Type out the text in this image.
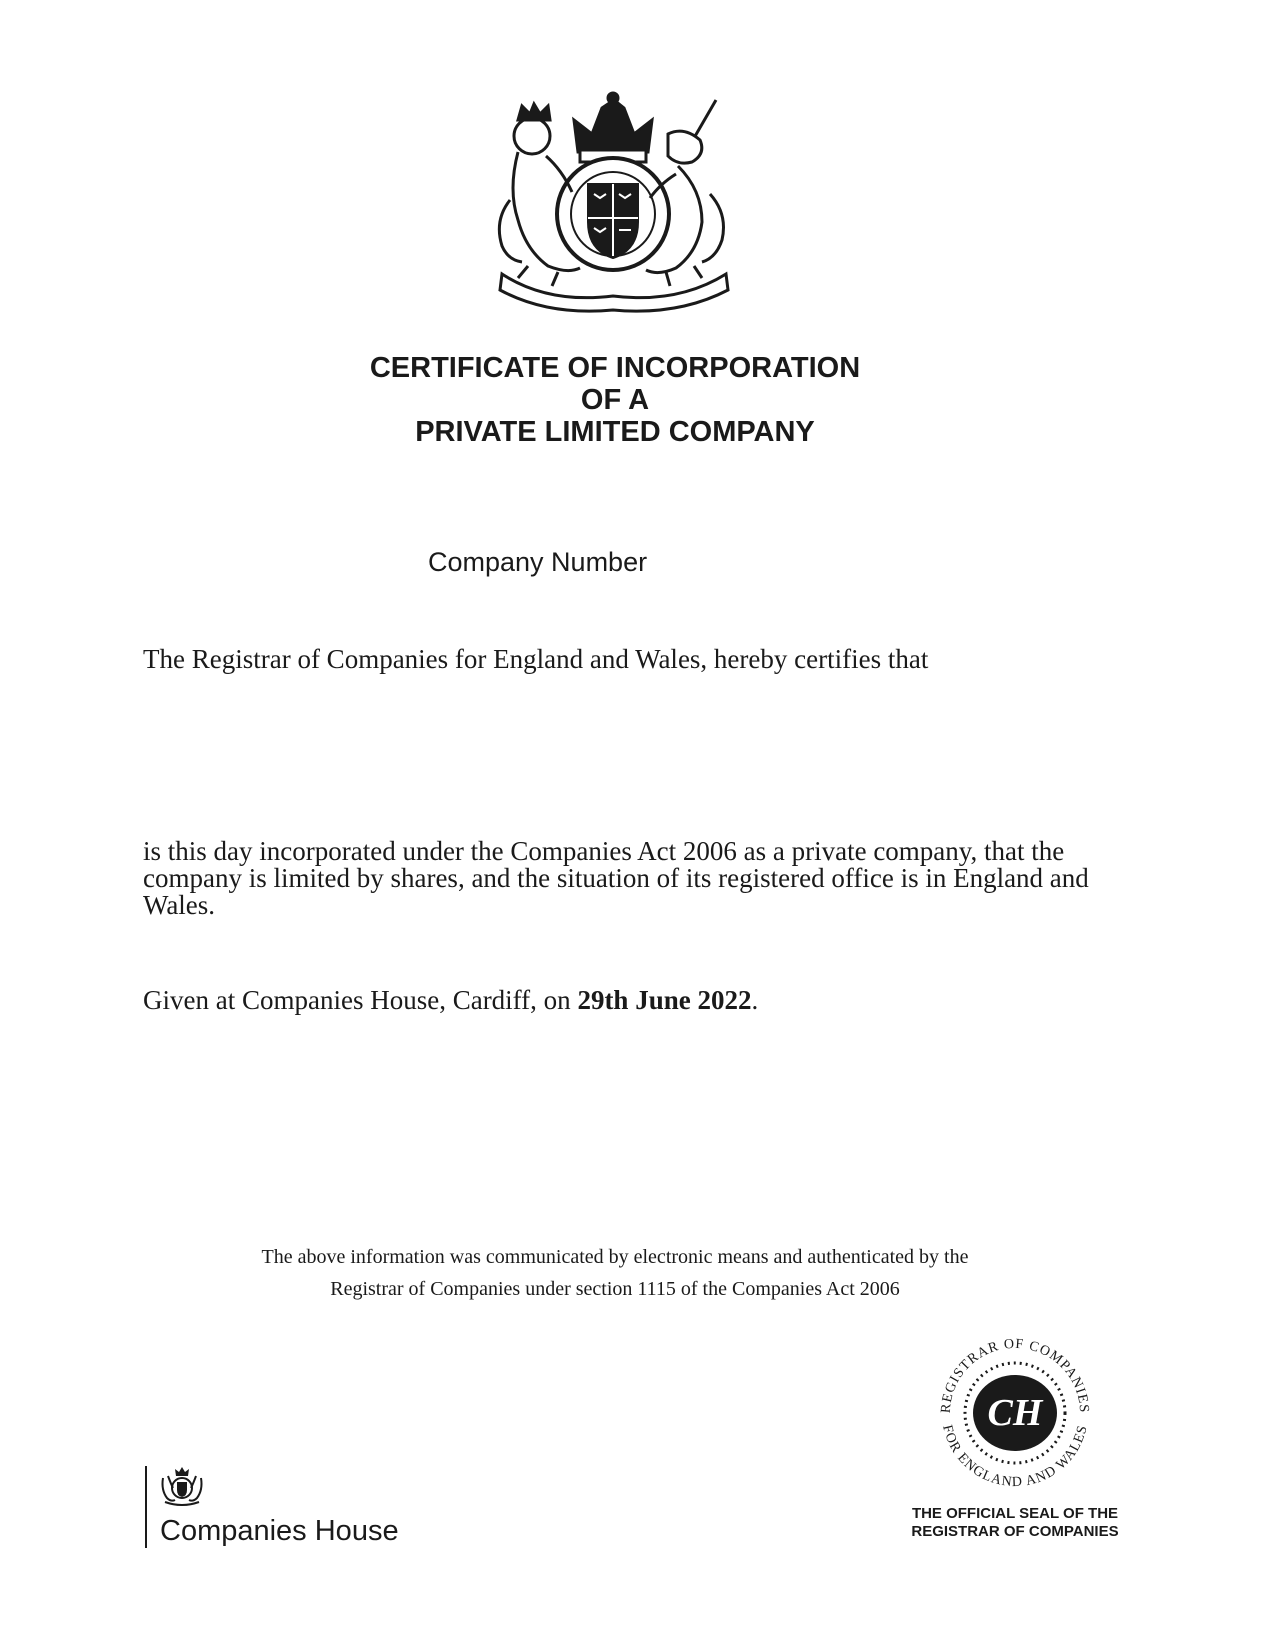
CERTIFICATE OF INCORPORATION
OF A
PRIVATE LIMITED COMPANY
Company Number
The Registrar of Companies for England and Wales, hereby certifies that
is this day incorporated under the Companies Act 2006 as a private company, that the company is limited by shares, and the situation of its registered office is in England and Wales.
Given at Companies House, Cardiff, on 29th June 2022.
The above information was communicated by electronic means and authenticated by the
Registrar of Companies under section 1115 of the Companies Act 2006
Companies House
CH
REGISTRAR OF COMPANIES
FOR ENGLAND AND WALES
THE OFFICIAL SEAL OF THE
REGISTRAR OF COMPANIES
